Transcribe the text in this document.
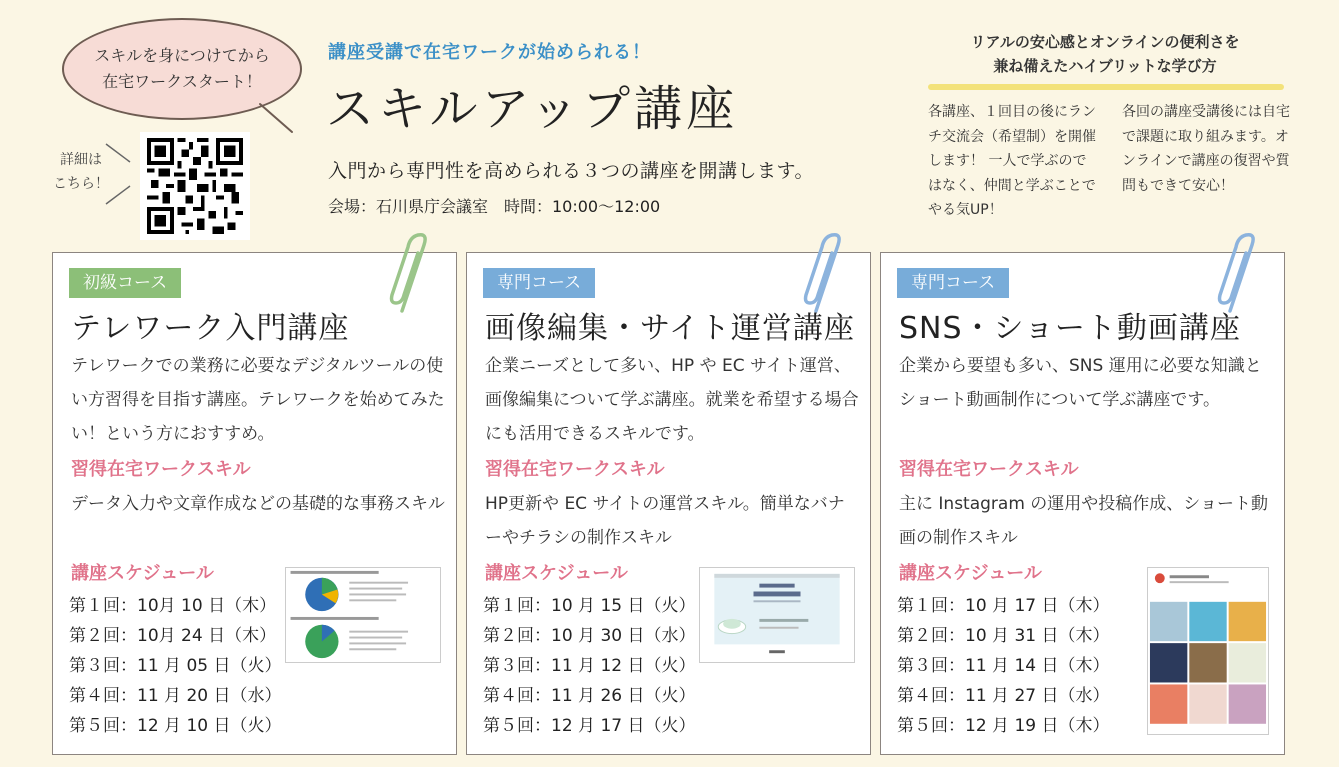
スキルを身につけてから
在宅ワークスタート！
詳細は
こちら！
講座受講で在宅ワークが始められる！
スキルアップ講座
入門から専門性を高められる３つの講座を開講します。
会場：石川県庁会議室　時間：10:00〜12:00
リアルの安心感とオンラインの便利さを
兼ね備えたハイブリットな学び方
各講座、１回目の後にランチ交流会（希望制）を開催します！ 一人で学ぶのではなく、仲間と学ぶことでやる気UP！
各回の講座受講後には自宅で課題に取り組みます。オンラインで講座の復習や質問もできて安心！
初級コース
テレワーク入門講座
テレワークでの業務に必要なデジタルツールの使い方習得を目指す講座。テレワークを始めてみたい！という方におすすめ。
習得在宅ワークスキル
データ入力や文章作成などの基礎的な事務スキル
講座スケジュール
第１回：10月 10 日（木）
第２回：10月 24 日（木）
第３回：11 月 05 日（火）
第４回：11 月 20 日（水）
第５回：12 月 10 日（火）
専門コース
画像編集・サイト運営講座
企業ニーズとして多い、HP や EC サイト運営、画像編集について学ぶ講座。就業を希望する場合にも活用できるスキルです。
習得在宅ワークスキル
HP更新や EC サイトの運営スキル。簡単なバナーやチラシの制作スキル
講座スケジュール
第１回：10 月 15 日（火）
第２回：10 月 30 日（水）
第３回：11 月 12 日（火）
第４回：11 月 26 日（火）
第５回：12 月 17 日（火）
専門コース
SNS・ショート動画講座
企業から要望も多い、SNS 運用に必要な知識とショート動画制作について学ぶ講座です。
習得在宅ワークスキル
主に Instagram の運用や投稿作成、ショート動画の制作スキル
講座スケジュール
第１回：10 月 17 日（木）
第２回：10 月 31 日（木）
第３回：11 月 14 日（木）
第４回：11 月 27 日（水）
第５回：12 月 19 日（木）
